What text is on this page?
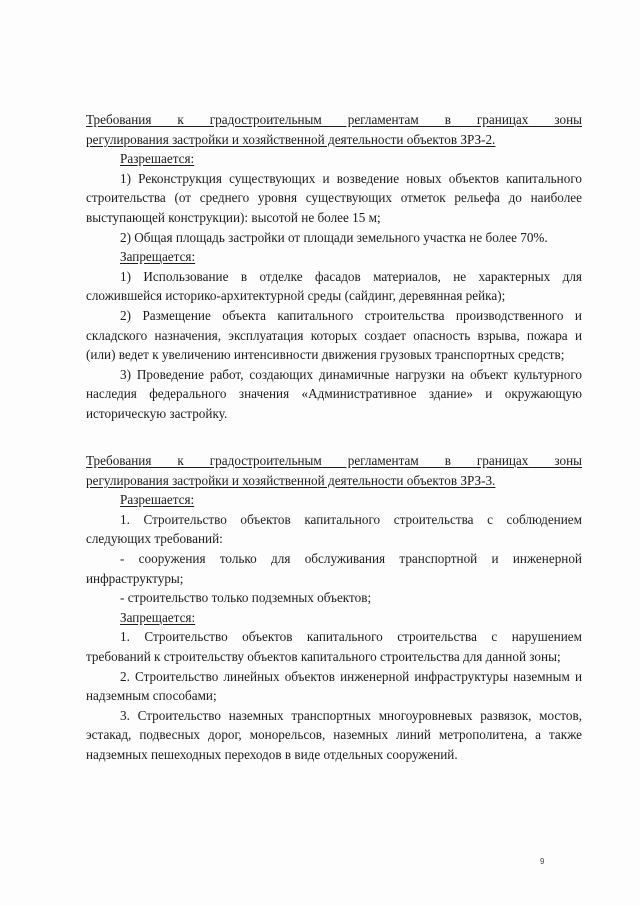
Требования к градостроительным регламентам в границах зоны
регулирования застройки и хозяйственной деятельности объектов ЗРЗ-2.
Разрешается:

1) Реконструкция существующих и возведение новых объектов капитального строительства (от среднего уровня существующих отметок рельефа до наиболее выступающей конструкции): высотой не более 15 м;

2) Общая площадь застройки от площади земельного участка не более 70%.

Запрещается:

1) Использование в отделке фасадов материалов, не характерных для сложившейся историко-архитектурной среды (сайдинг, деревянная рейка);

2) Размещение объекта капитального строительства производственного и складского назначения, эксплуатация которых создает опасность взрыва, пожара и (или) ведет к увеличению интенсивности движения грузовых транспортных средств;

3) Проведение работ, создающих динамичные нагрузки на объект культурного наследия федерального значения «Административное здание» и окружающую историческую застройку.

Требования к градостроительным регламентам в границах зоны
регулирования застройки и хозяйственной деятельности объектов ЗРЗ-3.
Разрешается:

1. Строительство объектов капитального строительства с соблюдением следующих требований:

- сооружения только для обслуживания транспортной и инженерной инфраструктуры;

- строительство только подземных объектов;

Запрещается:

1. Строительство объектов капитального строительства с нарушением требований к строительству объектов капитального строительства для данной зоны;

2. Строительство линейных объектов инженерной инфраструктуры наземным и надземным способами;

3. Строительство наземных транспортных многоуровневых развязок, мостов, эстакад, подвесных дорог, монорельсов, наземных линий метрополитена, а также надземных пешеходных переходов в виде отдельных сооружений.

9
